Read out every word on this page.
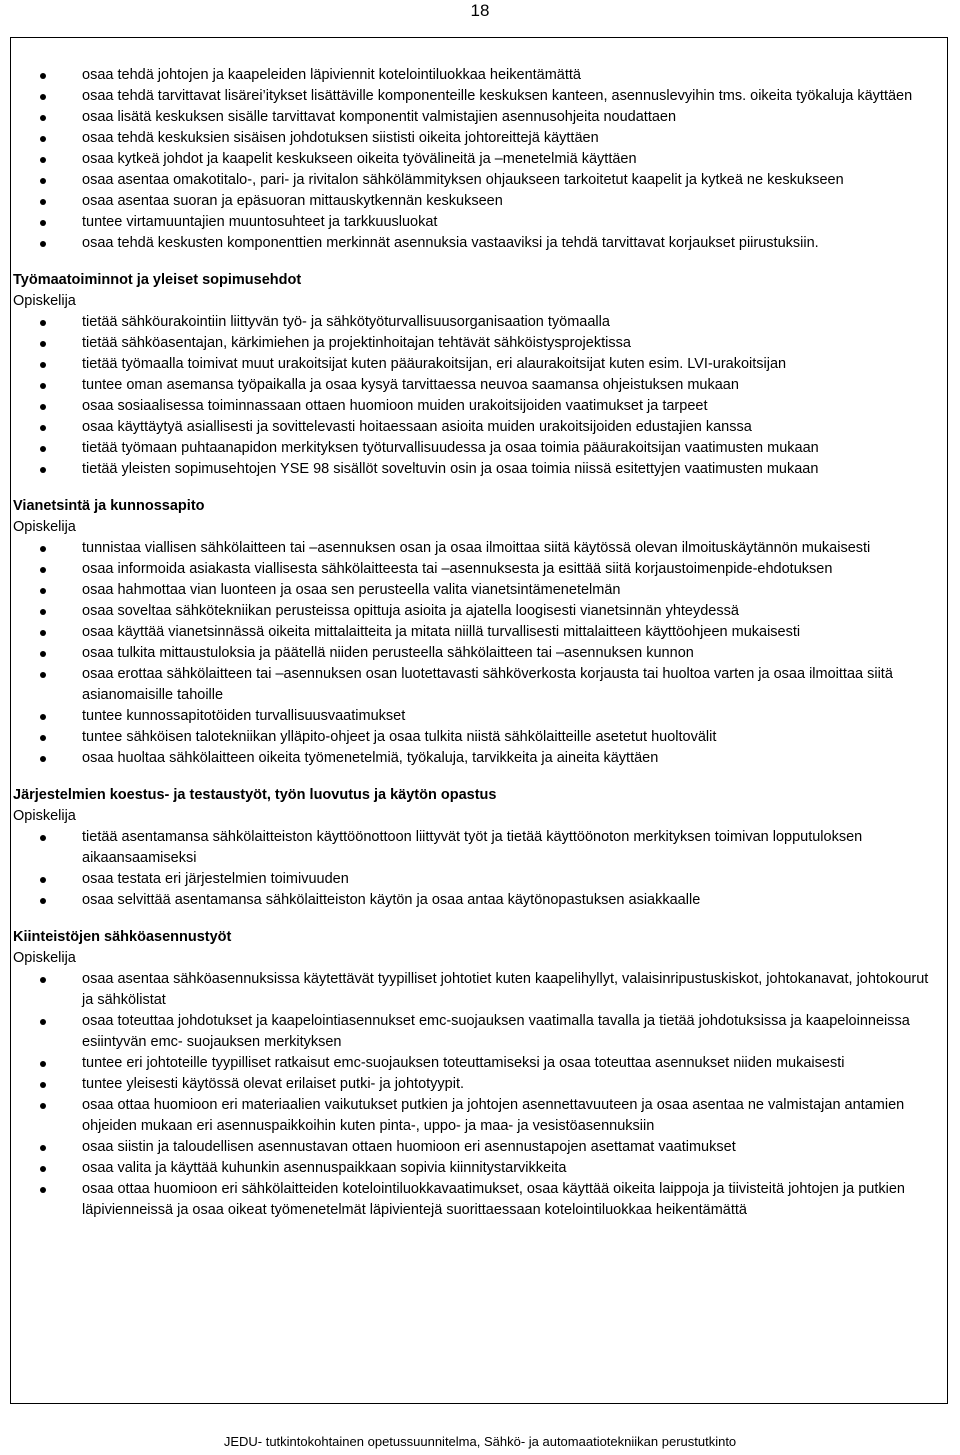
18
osaa tehdä johtojen ja kaapeleiden läpiviennit kotelointiluokkaa heikentämättä
osaa tehdä tarvittavat lisärei’itykset lisättäville komponenteille keskuksen kanteen, asennuslevyihin tms. oikeita työkaluja käyttäen
osaa lisätä keskuksen sisälle tarvittavat komponentit valmistajien asennusohjeita noudattaen
osaa tehdä keskuksien sisäisen johdotuksen siististi oikeita johtoreittejä käyttäen
osaa kytkeä johdot ja kaapelit keskukseen oikeita työvälineitä ja –menetelmiä käyttäen
osaa asentaa omakotitalo-, pari- ja rivitalon sähkölämmityksen ohjaukseen tarkoitetut kaapelit ja kytkeä ne keskukseen
osaa asentaa suoran ja epäsuoran mittauskytkennän keskukseen
tuntee virtamuuntajien muuntosuhteet ja tarkkuusluokat
osaa tehdä keskusten komponenttien merkinnät asennuksia vastaaviksi ja tehdä tarvittavat korjaukset piirustuksiin.
Työmaatoiminnot ja yleiset sopimusehdot
Opiskelija
tietää sähköurakointiin liittyvän työ- ja sähkötyöturvallisuusorganisaation työmaalla
tietää sähköasentajan, kärkimiehen ja projektinhoitajan tehtävät sähköistysprojektissa
tietää työmaalla toimivat muut urakoitsijat kuten pääurakoitsijan, eri alaurakoitsijat kuten esim. LVI-urakoitsijan
tuntee oman asemansa työpaikalla ja osaa kysyä tarvittaessa neuvoa saamansa ohjeistuksen mukaan
osaa sosiaalisessa toiminnassaan ottaen huomioon muiden urakoitsijoiden vaatimukset ja tarpeet
osaa käyttäytyä asiallisesti ja sovittelevasti hoitaessaan asioita muiden urakoitsijoiden edustajien kanssa
tietää työmaan puhtaanapidon merkityksen työturvallisuudessa ja osaa toimia pääurakoitsijan vaatimusten mukaan
tietää yleisten sopimusehtojen YSE 98 sisällöt soveltuvin osin ja osaa toimia niissä esitettyjen vaatimusten mukaan
Vianetsintä ja kunnossapito
Opiskelija
tunnistaa viallisen sähkölaitteen tai –asennuksen osan ja osaa ilmoittaa siitä käytössä olevan ilmoituskäytännön mukaisesti
osaa informoida asiakasta viallisesta sähkölaitteesta tai –asennuksesta ja esittää siitä korjaustoimenpide-ehdotuksen
osaa hahmottaa vian luonteen ja osaa sen perusteella valita vianetsintämenetelmän
osaa soveltaa sähkötekniikan perusteissa opittuja asioita ja ajatella loogisesti vianetsinnän yhteydessä
osaa käyttää vianetsinnässä oikeita mittalaitteita ja mitata niillä turvallisesti mittalaitteen käyttöohjeen mukaisesti
osaa tulkita mittaustuloksia ja päätellä niiden perusteella sähkölaitteen tai –asennuksen kunnon
osaa erottaa sähkölaitteen tai –asennuksen osan luotettavasti sähköverkosta korjausta tai huoltoa varten ja osaa ilmoittaa siitä asianomaisille tahoille
tuntee kunnossapitotöiden turvallisuusvaatimukset
tuntee sähköisen talotekniikan ylläpito-ohjeet ja osaa tulkita niistä sähkölaitteille asetetut huoltovälit
osaa huoltaa sähkölaitteen oikeita työmenetelmiä, työkaluja, tarvikkeita ja aineita käyttäen
Järjestelmien koestus- ja testaustyöt, työn luovutus ja käytön opastus
Opiskelija
tietää asentamansa sähkölaitteiston käyttöönottoon liittyvät työt ja tietää käyttöönoton merkityksen toimivan lopputuloksen aikaansaamiseksi
osaa testata eri järjestelmien toimivuuden
osaa selvittää asentamansa sähkölaitteiston käytön ja osaa antaa käytönopastuksen asiakkaalle
Kiinteistöjen sähköasennustyöt
Opiskelija
osaa asentaa sähköasennuksissa käytettävät tyypilliset johtotiet kuten kaapelihyllyt, valaisinripustuskiskot, johtokanavat, johtokourut ja sähkölistat
osaa toteuttaa johdotukset ja kaapelointiasennukset emc-suojauksen vaatimalla tavalla ja tietää johdotuksissa ja kaapeloinneissa esiintyvän emc- suojauksen merkityksen
tuntee eri johtoteille tyypilliset ratkaisut emc-suojauksen toteuttamiseksi ja osaa toteuttaa asennukset niiden mukaisesti
tuntee yleisesti käytössä olevat erilaiset putki- ja johtotyypit.
osaa ottaa huomioon eri materiaalien vaikutukset putkien ja johtojen asennettavuuteen ja osaa asentaa ne valmistajan antamien ohjeiden mukaan eri asennuspaikkoihin kuten pinta-, uppo- ja maa- ja vesistöasennuksiin
osaa siistin ja taloudellisen asennustavan ottaen huomioon eri asennustapojen asettamat vaatimukset
osaa valita ja käyttää kuhunkin asennuspaikkaan sopivia kiinnitystarvikkeita
osaa ottaa huomioon eri sähkölaitteiden kotelointiluokkavaatimukset, osaa käyttää oikeita laippoja ja tiivisteitä johtojen ja putkien läpivienneissä ja osaa oikeat työmenetelmät läpivientejä suorittaessaan kotelointiluokkaa heikentämättä
JEDU- tutkintokohtainen opetussuunnitelma, Sähkö- ja automaatiotekniikan perustutkinto
